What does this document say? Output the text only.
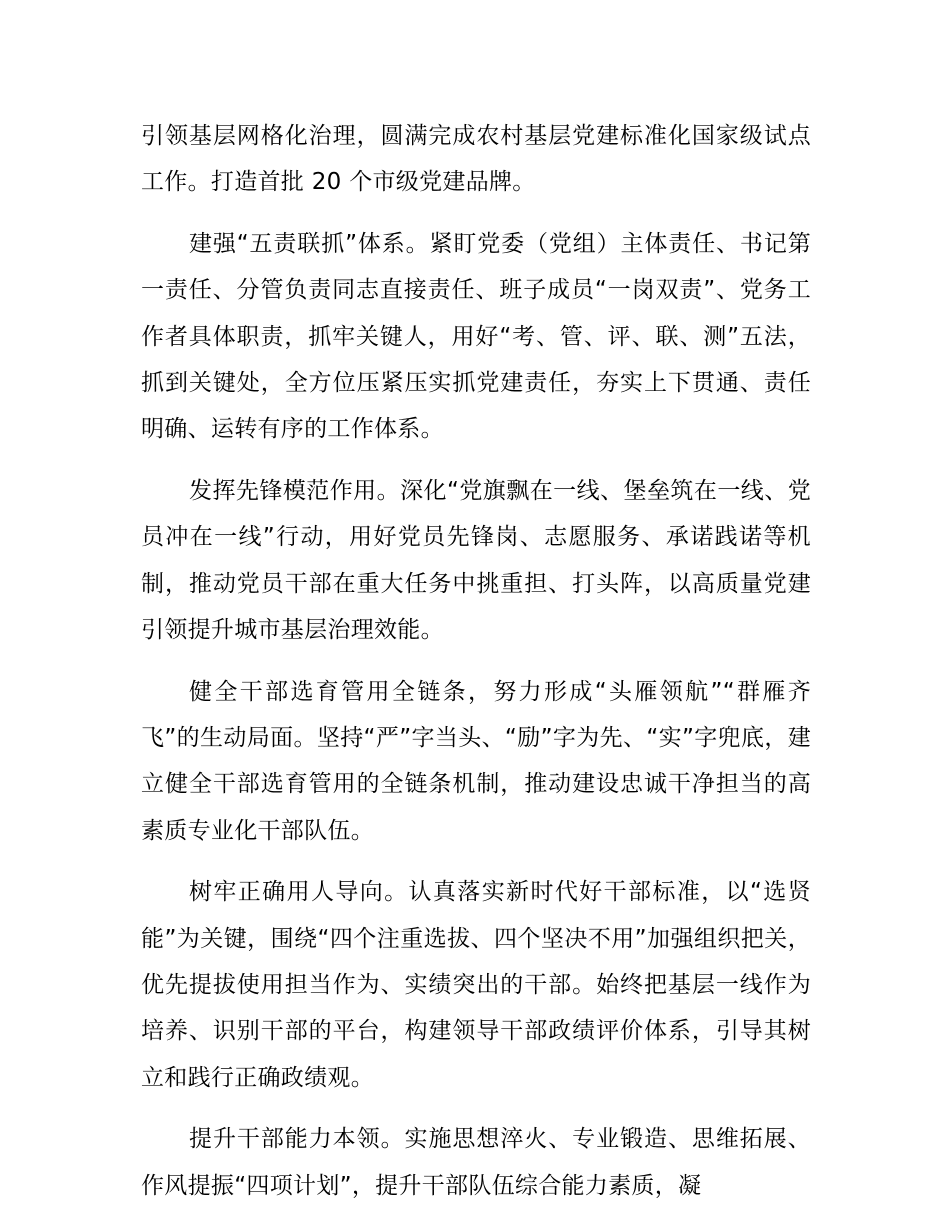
引领基层网格化治理，圆满完成农村基层党建标准化国家级试点工作。打造首批 20 个市级党建品牌。

建强“五责联抓”体系。紧盯党委（党组）主体责任、书记第一责任、分管负责同志直接责任、班子成员“一岗双责”、党务工作者具体职责，抓牢关键人，用好“考、管、评、联、测”五法，抓到关键处，全方位压紧压实抓党建责任，夯实上下贯通、责任明确、运转有序的工作体系。

发挥先锋模范作用。深化“党旗飘在一线、堡垒筑在一线、党员冲在一线”行动，用好党员先锋岗、志愿服务、承诺践诺等机制，推动党员干部在重大任务中挑重担、打头阵，以高质量党建引领提升城市基层治理效能。

健全干部选育管用全链条，努力形成“头雁领航”“群雁齐飞”的生动局面。坚持“严”字当头、“励”字为先、“实”字兜底，建立健全干部选育管用的全链条机制，推动建设忠诚干净担当的高素质专业化干部队伍。

树牢正确用人导向。认真落实新时代好干部标准，以“选贤能”为关键，围绕“四个注重选拔、四个坚决不用”加强组织把关，优先提拔使用担当作为、实绩突出的干部。始终把基层一线作为培养、识别干部的平台，构建领导干部政绩评价体系，引导其树立和践行正确政绩观。

提升干部能力本领。实施思想淬火、专业锻造、思维拓展、作风提振“四项计划”，提升干部队伍综合能力素质，凝
